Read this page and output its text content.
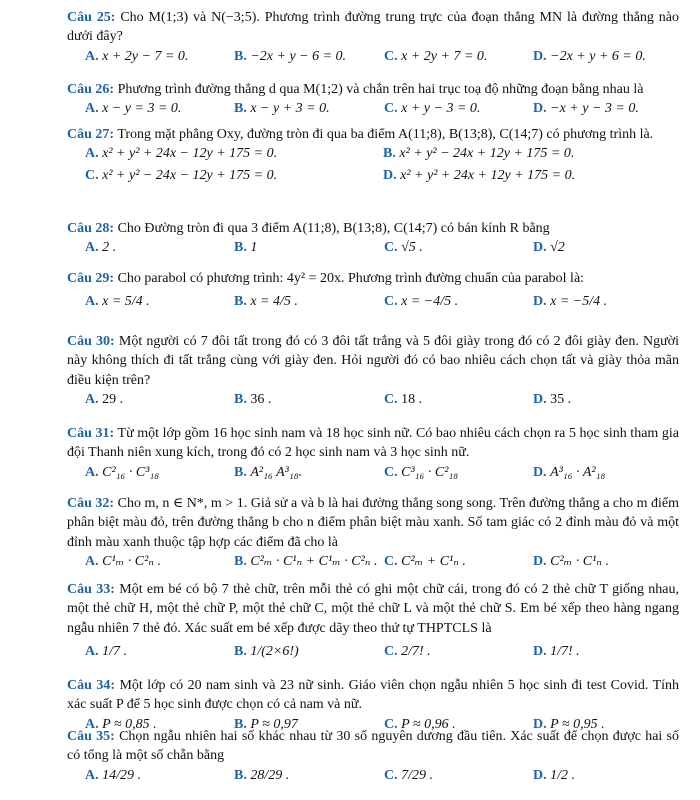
Câu 25: Cho M(1;3) và N(−3;5). Phương trình đường trung trực của đoạn thẳng MN là đường thẳng nào dưới đây?
A. x + 2y − 7 = 0.	B. −2x + y − 6 = 0.	C. x + 2y + 7 = 0.	D. −2x + y + 6 = 0.
Câu 26: Phương trình đường thẳng d qua M(1;2) và chắn trên hai trục toạ độ những đoạn bằng nhau là
A. x − y = 3 = 0.	B. x − y + 3 = 0.	C. x + y − 3 = 0.	D. −x + y − 3 = 0.
Câu 27: Trong mặt phẳng Oxy, đường tròn đi qua ba điểm A(11;8), B(13;8), C(14;7) có phương trình là.
A. x² + y² + 24x − 12y + 175 = 0.	B. x² + y² − 24x + 12y + 175 = 0.
C. x² + y² − 24x − 12y + 175 = 0.	D. x² + y² + 24x + 12y + 175 = 0.
Câu 28: Cho Đường tròn đi qua 3 điểm A(11;8), B(13;8), C(14;7) có bán kính R bằng
A. 2 .	B. 1	C. √5 .	D. √2
Câu 29: Cho parabol có phương trình: 4y² = 20x. Phương trình đường chuẩn của parabol là:
A. x = 5/4 .	B. x = 4/5 .	C. x = −4/5 .	D. x = −5/4 .
Câu 30: Một người có 7 đôi tất trong đó có 3 đôi tất trắng và 5 đôi giày trong đó có 2 đôi giày đen. Người này không thích đi tất trắng cùng với giày đen. Hỏi người đó có bao nhiêu cách chọn tất và giày thỏa mãn điều kiện trên?
A. 29 .	B. 36 .	C. 18 .	D. 35 .
Câu 31: Từ một lớp gồm 16 học sinh nam và 18 học sinh nữ. Có bao nhiêu cách chọn ra 5 học sinh tham gia đội Thanh niên xung kích, trong đó có 2 học sinh nam và 3 học sinh nữ.
A. C²₁₆ · C³₁₈	B. A²₁₆ A³₁₈.	C. C³₁₆ · C²₁₈	D. A³₁₆ · A²₁₈
Câu 32: Cho m, n ∈ N*, m > 1. Giả sử a và b là hai đường thẳng song song. Trên đường thẳng a cho m điểm phân biệt màu đỏ, trên đường thẳng b cho n điểm phân biệt màu xanh. Số tam giác có 2 đỉnh màu đỏ và một đỉnh màu xanh thuộc tập hợp các điểm đã cho là
A. C¹ₘ · C²ₙ .	B. C²ₘ · C¹ₙ + C¹ₘ · C²ₙ . C. C²ₘ + C¹ₙ .	D. C²ₘ · C¹ₙ .
Câu 33: Một em bé có bộ 7 thẻ chữ, trên mỗi thẻ có ghi một chữ cái, trong đó có 2 thẻ chữ T giống nhau, một thẻ chữ H, một thẻ chữ P, một thẻ chữ C, một thẻ chữ L và một thẻ chữ S. Em bé xếp theo hàng ngang ngẫu nhiên 7 thẻ đó. Xác suất em bé xếp được dãy theo thứ tự THPTCLS là
A. 1/7 .	B. 1/(2×6!)	C. 2/7! .	D. 1/7! .
Câu 34: Một lớp có 20 nam sinh và 23 nữ sinh. Giáo viên chọn ngẫu nhiên 5 học sinh đi test Covid. Tính xác suất P để 5 học sinh được chọn có cả nam và nữ.
A. P ≈ 0,85 .	B. P ≈ 0,97	C. P ≈ 0,96 .	D. P ≈ 0,95 .
Câu 35: Chọn ngẫu nhiên hai số khác nhau từ 30 số nguyên dương đầu tiên. Xác suất để chọn được hai số có tổng là một số chẵn bằng
A. 14/29 .	B. 28/29 .	C. 7/29 .	D. 1/2 .
